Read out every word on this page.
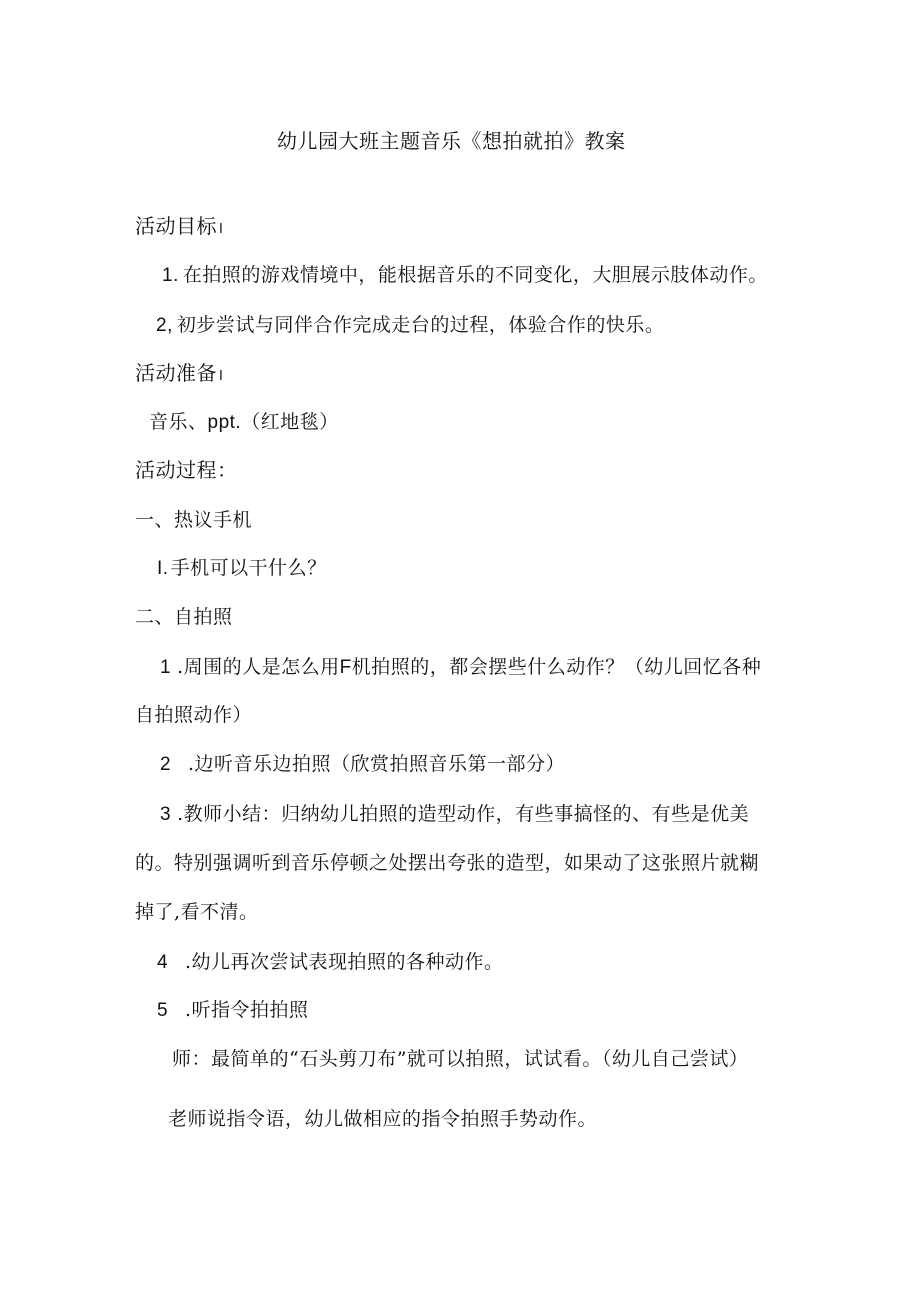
幼儿园大班主题音乐《想拍就拍》教案
活动目标 I
1. 在拍照的游戏情境中，能根据音乐的不同变化，大胆展示肢体动作。
2, 初步尝试与同伴合作完成走台的过程，体验合作的快乐。
活动准备 I
音乐、ppt.（红地毯）
活动过程：
一、热议手机
I. 手机可以干什么？
二、自拍照
1 .周围的人是怎么用F机拍照的，都会摆些什么动作？（幼儿回忆各种
自拍照动作）
2 .边听音乐边拍照（欣赏拍照音乐第一部分）
3 .教师小结：归纳幼儿拍照的造型动作，有些事搞怪的、有些是优美
的。特别强调听到音乐停顿之处摆出夸张的造型，如果动了这张照片就糊
掉了,看不清。
4 .幼儿再次尝试表现拍照的各种动作。
5 .听指令拍拍照
师：最简单的“石头剪刀布”就可以拍照，试试看。（幼儿自己尝试）
老师说指令语，幼儿做相应的指令拍照手势动作。
